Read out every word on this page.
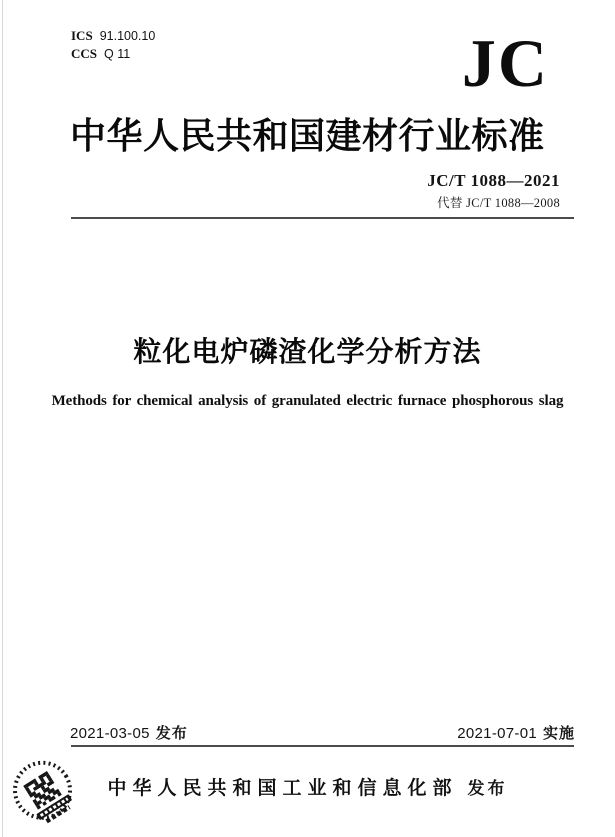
ICS 91.100.10
CCS Q 11	JC
中华人民共和国建材行业标准
JC/T 1088—2021
代替 JC/T 1088—2008
粒化电炉磷渣化学分析方法
Methods for chemical analysis of granulated electric furnace phosphorous slag
2021-03-05 发布	2021-07-01 实施
中华人民共和国工业和信息化部 发布
